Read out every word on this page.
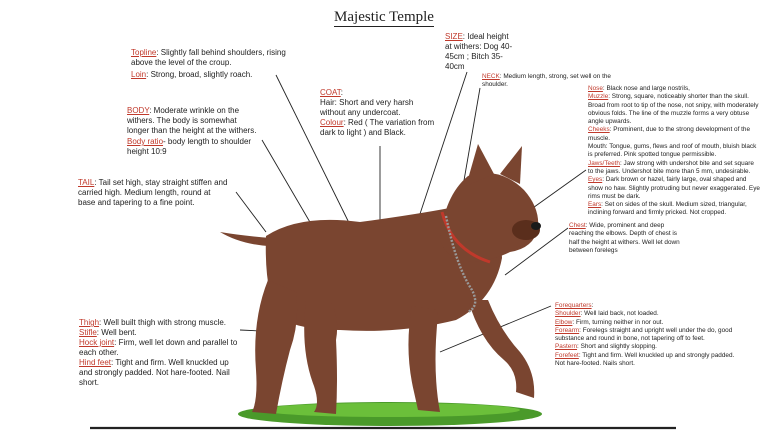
Majestic Temple

Topline: Slightly fall behind shoulders, rising above the level of the croup.

Loin: Strong, broad, slightly roach.

BODY: Moderate wrinkle on the withers. The body is somewhat longer than the height at the withers.

Body ratio- body length to shoulder height 10:9

TAIL: Tail set high, stay straight stiffen and carried high. Medium length, round at base and tapering to a fine point.

Thigh: Well built thigh with strong muscle.

Stifle: Well bent.

Hock joint: Firm, well let down and parallel to each other.

Hind feet: Tight and firm. Well knuckled up and strongly padded. Not hare-footed. Nail short.

COAT:

Hair: Short and very harsh without any undercoat.

Colour: Red ( The variation from dark to light ) and Black.

SIZE: Ideal height at withers: Dog 40-45cm ; Bitch 35-40cm

NECK: Medium length, strong, set well on the shoulder.

Nose: Black nose and large nostrils,

Muzzle: Strong, square, noticeably shorter than the skull. Broad from root to tip of the nose, not snipy, with moderately obvious folds. The line of the muzzle forms a very obtuse angle upwards.

Cheeks: Prominent, due to the strong development of the muscle.

Mouth: Tongue, gums, flews and roof of mouth, bluish black is preferred. Pink spotted tongue permissible.

Jaws/Teeth: Jaw strong with undershot bite and set square to the jaws. Undershot bite more than 5 mm, undesirable.

Eyes: Dark brown or hazel, fairly large, oval shaped and show no haw. Slightly protruding but never exaggerated. Eye rims must be dark.

Ears: Set on sides of the skull. Medium sized, triangular, inclining forward and firmly pricked. Not cropped.

Chest: Wide, prominent and deep reaching the elbows. Depth of chest is half the height at withers. Well let down between forelegs

Forequarters:

Shoulder: Well laid back, not loaded.

Elbow: Firm, turning neither in nor out.

Forearm: Forelegs straight and upright well under the do, good substance and round in bone, not tapering off to feet.

Pastern: Short and slightly slopping.

Forefeet: Tight and firm. Well knuckled up and strongly padded. Not hare-footed. Nails short.
